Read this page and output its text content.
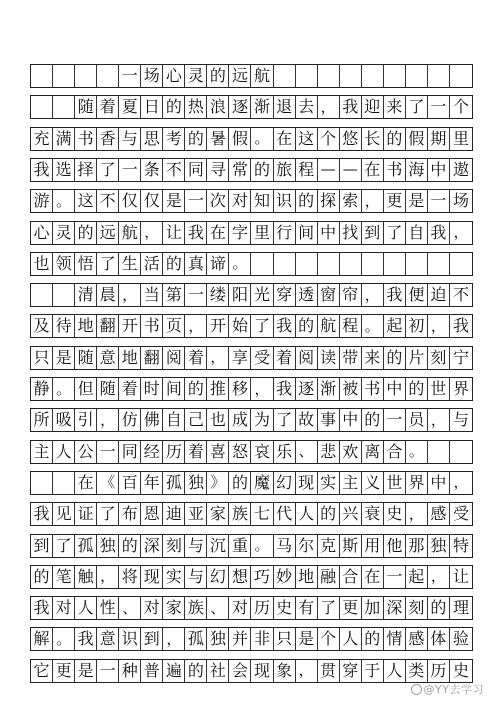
一 场 心 灵 的 远 航
随 着 夏 日 的 热 浪 逐 渐 退 去 ， 我 迎 来 了 一 个
充 满 书 香 与 思 考 的 暑 假 。 在 这 个 悠 长 的 假 期 里
我 选 择 了 一 条 不 同 寻 常 的 旅 程 — — 在 书 海 中 遨
游 。 这 不 仅 仅 是 一 次 对 知 识 的 探 索 ， 更 是 一 场
心 灵 的 远 航 ， 让 我 在 字 里 行 间 中 找 到 了 自 我 ，
也 领 悟 了 生 活 的 真 谛 。
清 晨 ， 当 第 一 缕 阳 光 穿 透 窗 帘 ， 我 便 迫 不
及 待 地 翻 开 书 页 ， 开 始 了 我 的 航 程 。 起 初 ， 我
只 是 随 意 地 翻 阅 着 ， 享 受 着 阅 读 带 来 的 片 刻 宁
静 。 但 随 着 时 间 的 推 移 ， 我 逐 渐 被 书 中 的 世 界
所 吸 引 ， 仿 佛 自 己 也 成 为 了 故 事 中 的 一 员 ， 与
主 人 公 一 同 经 历 着 喜 怒 哀 乐 、 悲 欢 离 合 。
在 《 百 年 孤 独 》 的 魔 幻 现 实 主 义 世 界 中 ，
我 见 证 了 布 恩 迪 亚 家 族 七 代 人 的 兴 衰 史 ， 感 受
到 了 孤 独 的 深 刻 与 沉 重 。 马 尔 克 斯 用 他 那 独 特
的 笔 触 ， 将 现 实 与 幻 想 巧 妙 地 融 合 在 一 起 ， 让
我 对 人 性 、 对 家 族 、 对 历 史 有 了 更 加 深 刻 的 理
解 。 我 意 识 到 ， 孤 独 并 非 只 是 个 人 的 情 感 体 验
它 更 是 一 种 普 遍 的 社 会 现 象 ， 贯 穿 于 人 类 历 史
@YY去学习
